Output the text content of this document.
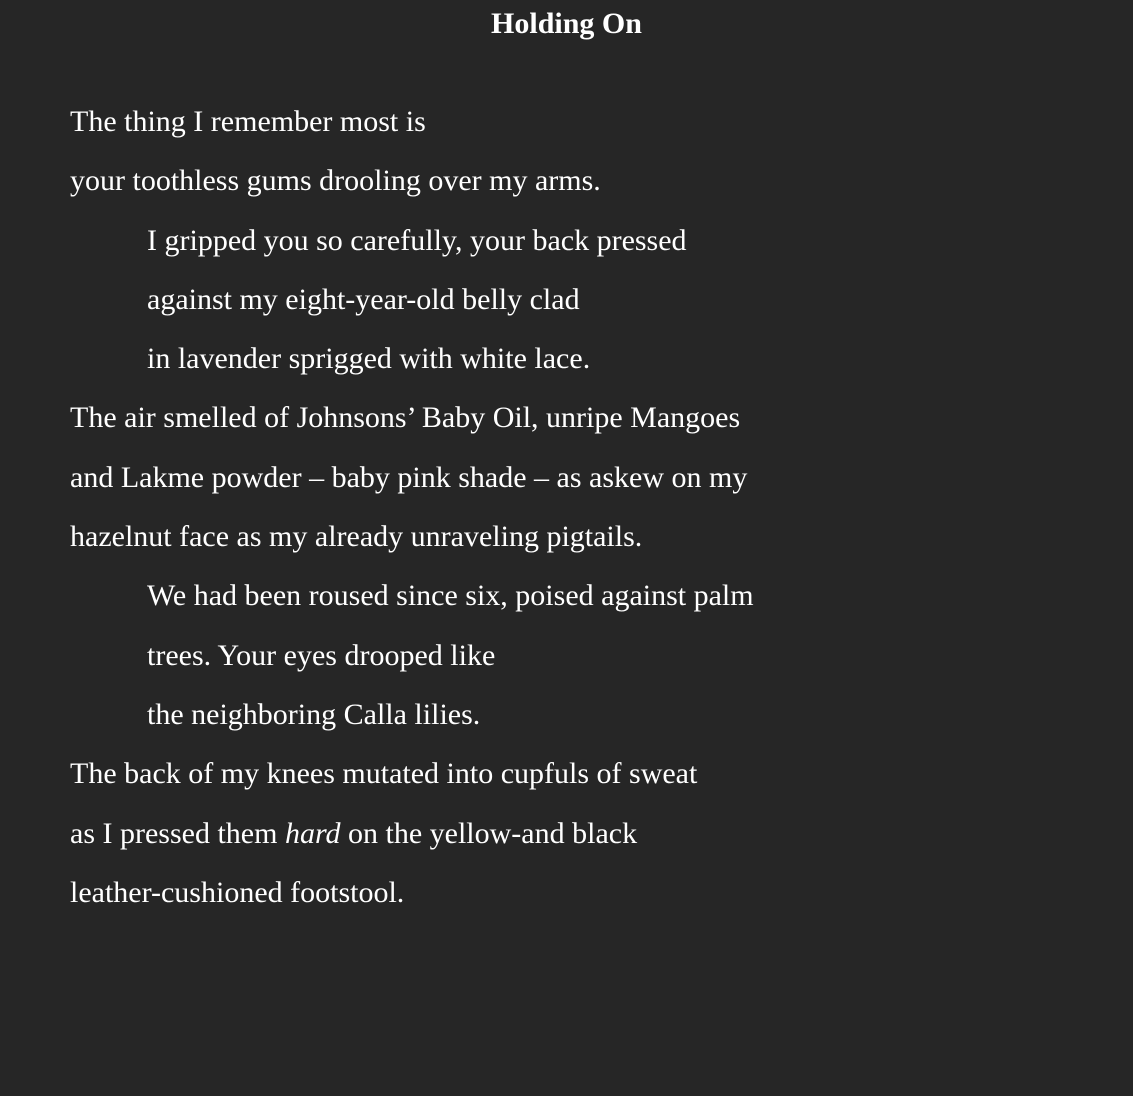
Holding On
The thing I remember most is
your toothless gums drooling over my arms.
I gripped you so carefully, your back pressed
against my eight-year-old belly clad
in lavender sprigged with white lace.
The air smelled of Johnsons’ Baby Oil, unripe Mangoes
and Lakme powder – baby pink shade – as askew on my
hazelnut face as my already unraveling pigtails.
We had been roused since six, poised against palm
trees. Your eyes drooped like
the neighboring Calla lilies.
The back of my knees mutated into cupfuls of sweat
as I pressed them hard on the yellow-and black
leather-cushioned footstool.
